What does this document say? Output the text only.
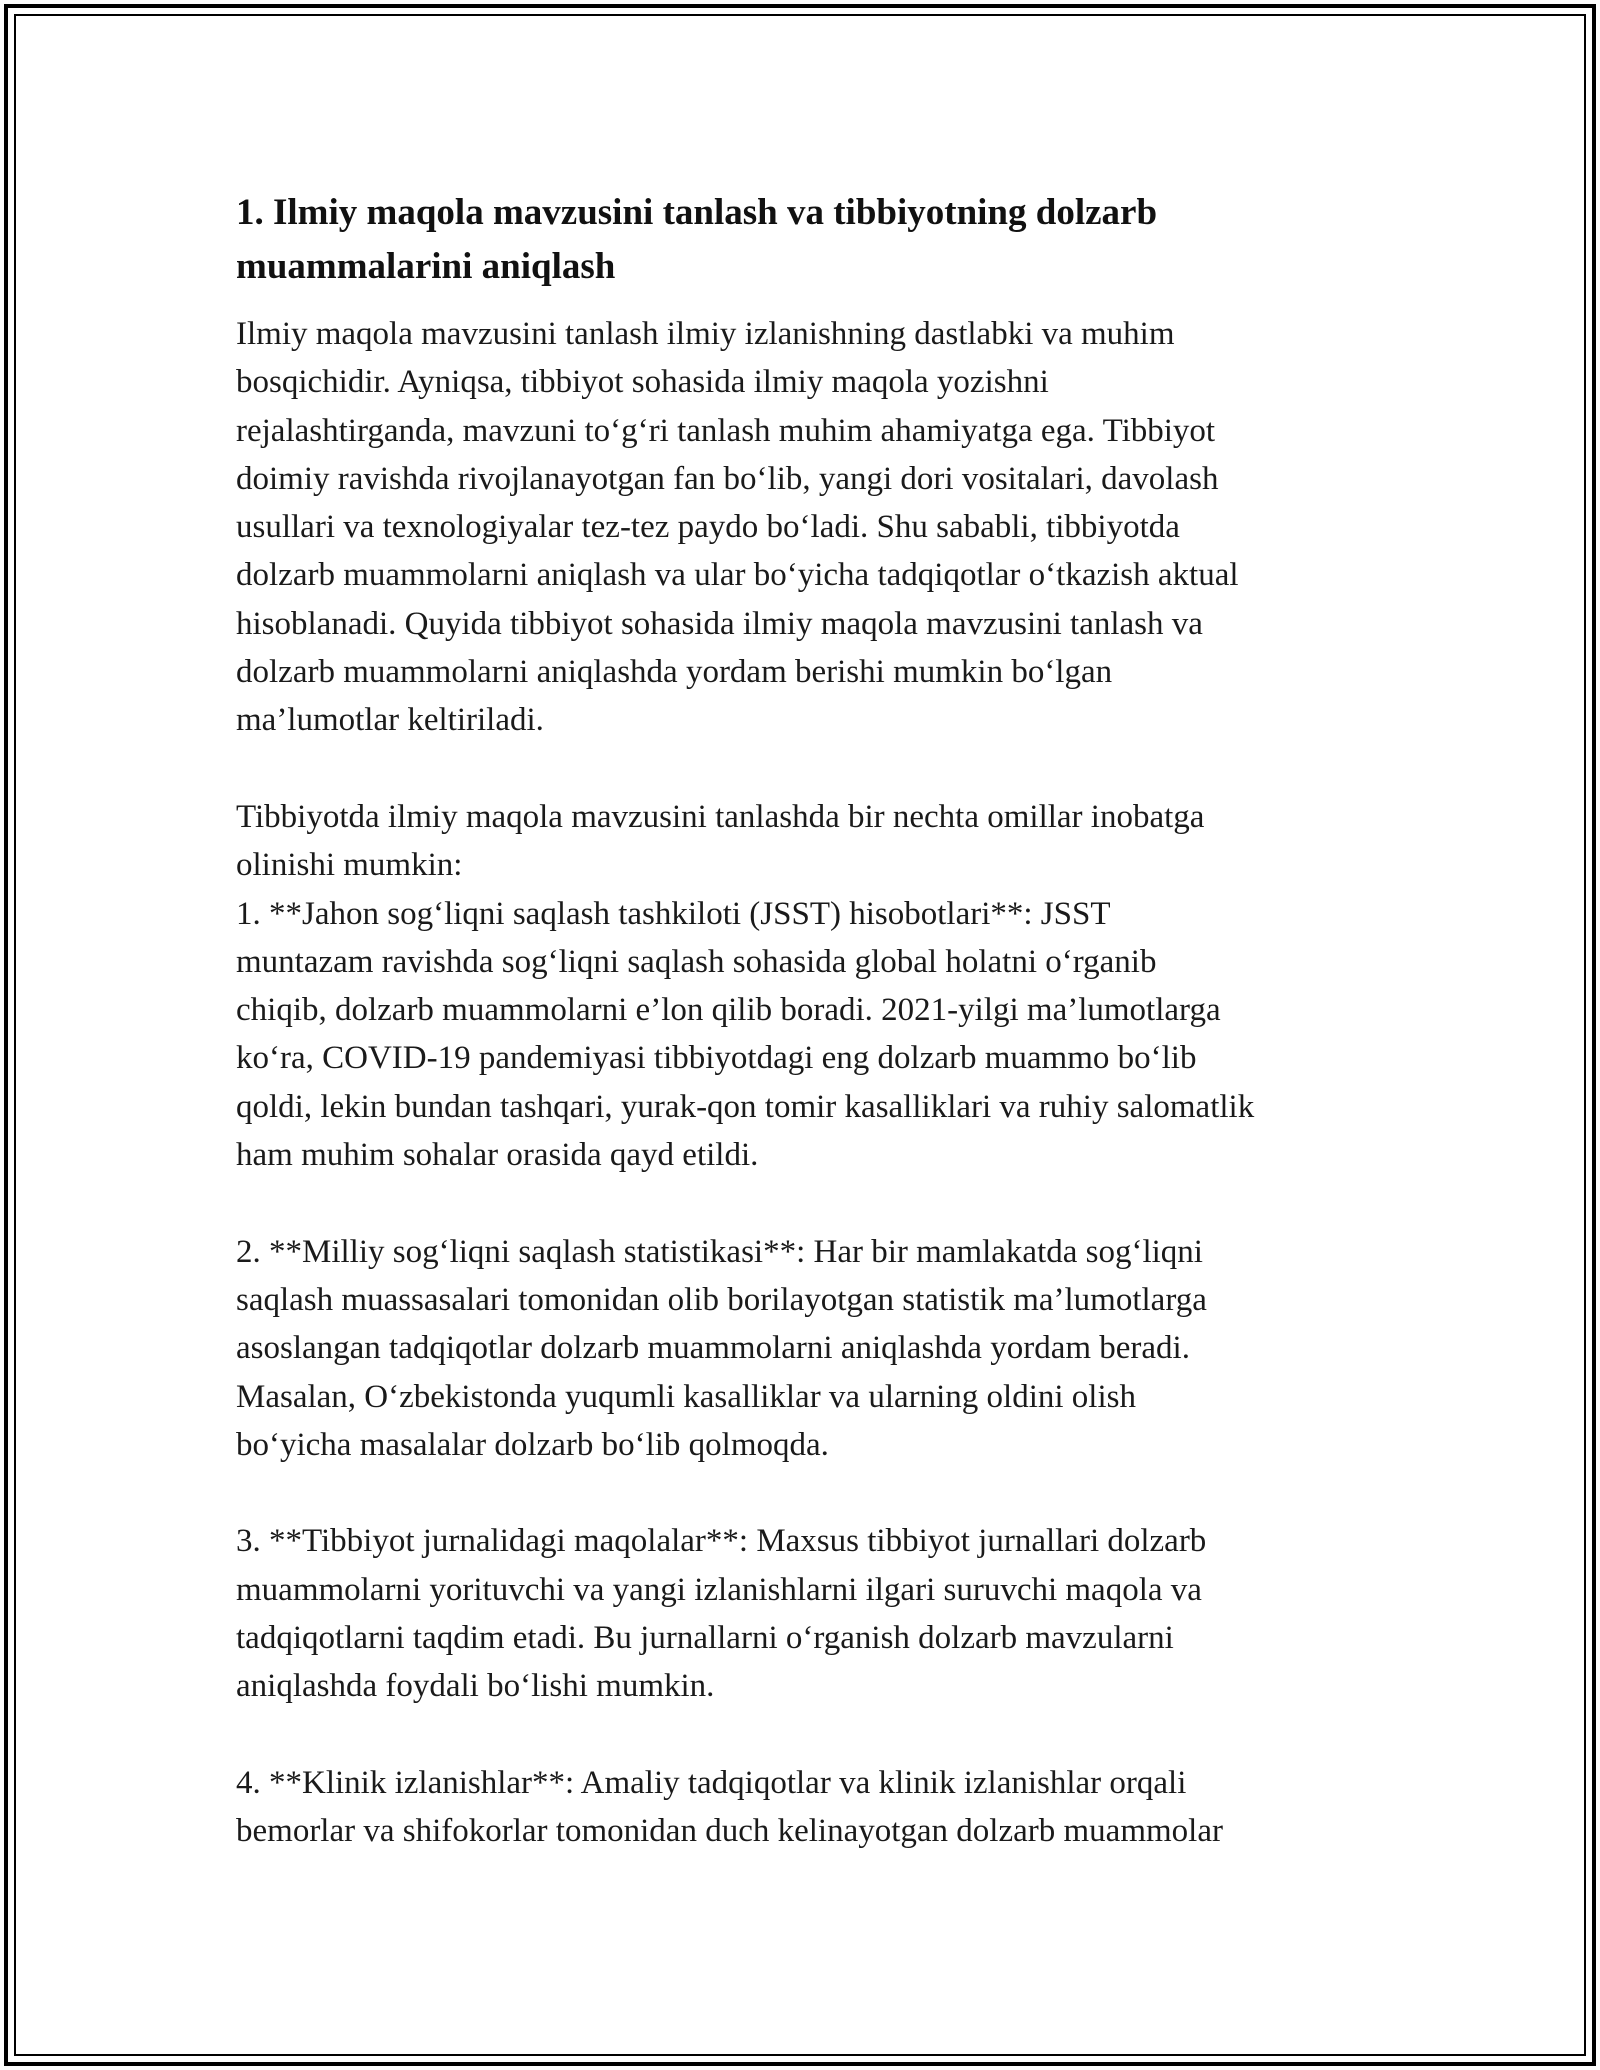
1. Ilmiy maqola mavzusini tanlash va tibbiyotning dolzarb muammalarini aniqlash
Ilmiy maqola mavzusini tanlash ilmiy izlanishning dastlabki va muhim
bosqichidir. Ayniqsa, tibbiyot sohasida ilmiy maqola yozishni
rejalashtirganda, mavzuni to‘g‘ri tanlash muhim ahamiyatga ega. Tibbiyot
doimiy ravishda rivojlanayotgan fan bo‘lib, yangi dori vositalari, davolash
usullari va texnologiyalar tez-tez paydo bo‘ladi. Shu sababli, tibbiyotda
dolzarb muammolarni aniqlash va ular bo‘yicha tadqiqotlar o‘tkazish aktual
hisoblanadi. Quyida tibbiyot sohasida ilmiy maqola mavzusini tanlash va
dolzarb muammolarni aniqlashda yordam berishi mumkin bo‘lgan
ma’lumotlar keltiriladi.
Tibbiyotda ilmiy maqola mavzusini tanlashda bir nechta omillar inobatga
olinishi mumkin:
1. **Jahon sog‘liqni saqlash tashkiloti (JSST) hisobotlari**: JSST
muntazam ravishda sog‘liqni saqlash sohasida global holatni o‘rganib
chiqib, dolzarb muammolarni e’lon qilib boradi. 2021-yilgi ma’lumotlarga
ko‘ra, COVID-19 pandemiyasi tibbiyotdagi eng dolzarb muammo bo‘lib
qoldi, lekin bundan tashqari, yurak-qon tomir kasalliklari va ruhiy salomatlik
ham muhim sohalar orasida qayd etildi.
2. **Milliy sog‘liqni saqlash statistikasi**: Har bir mamlakatda sog‘liqni
saqlash muassasalari tomonidan olib borilayotgan statistik ma’lumotlarga
asoslangan tadqiqotlar dolzarb muammolarni aniqlashda yordam beradi.
Masalan, O‘zbekistonda yuqumli kasalliklar va ularning oldini olish
bo‘yicha masalalar dolzarb bo‘lib qolmoqda.
3. **Tibbiyot jurnalidagi maqolalar**: Maxsus tibbiyot jurnallari dolzarb
muammolarni yorituvchi va yangi izlanishlarni ilgari suruvchi maqola va
tadqiqotlarni taqdim etadi. Bu jurnallarni o‘rganish dolzarb mavzularni
aniqlashda foydali bo‘lishi mumkin.
4. **Klinik izlanishlar**: Amaliy tadqiqotlar va klinik izlanishlar orqali
bemorlar va shifokorlar tomonidan duch kelinayotgan dolzarb muammolar
